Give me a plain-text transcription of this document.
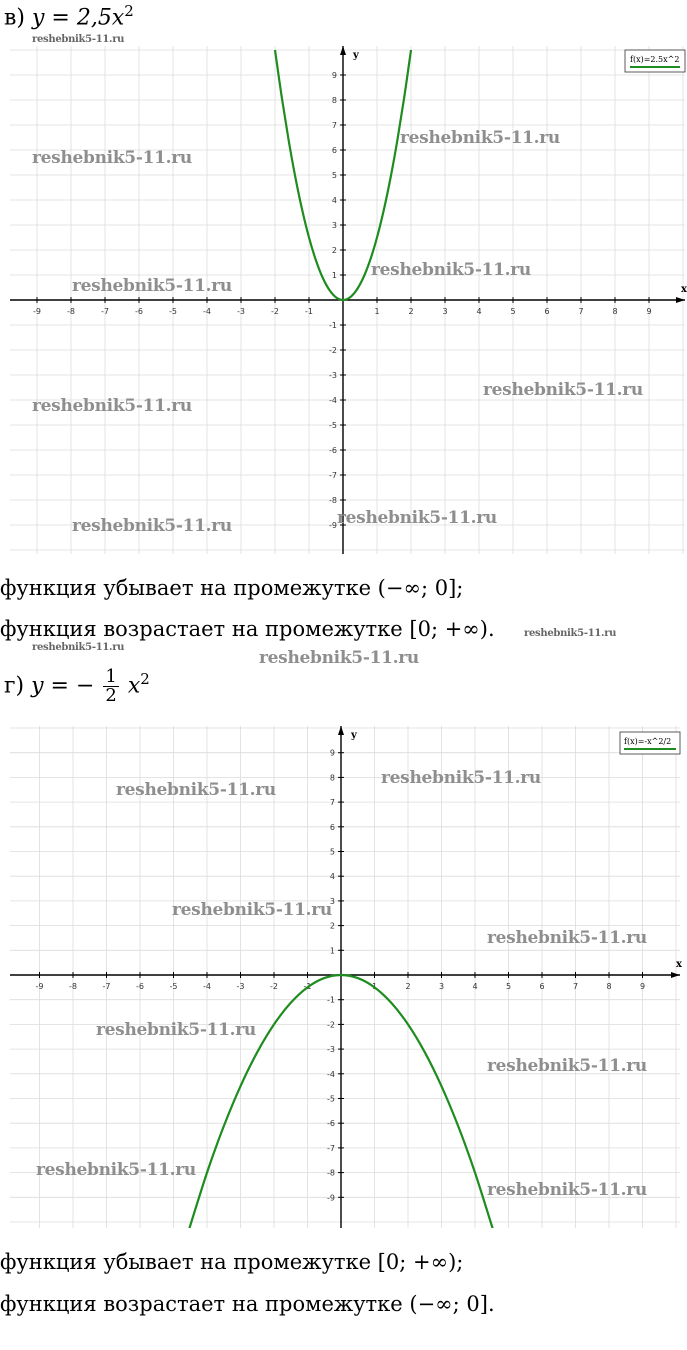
в) $y = 2,5x^2$
reshebnik5-11.ru
x
y
-9	-8	-7	-6	-5	-4	-3	-2	-1	1	2	3	4	5	6	7	8	9
-9
-8
-7
-6
-5
-4
-3
-2
-1
1
2
3
4
5
6
7
8
9
f(x)=2.5x^2
reshebnik5-11.ru
reshebnik5-11.ru
reshebnik5-11.ru
reshebnik5-11.ru
reshebnik5-11.ru
reshebnik5-11.ru
reshebnik5-11.ru
reshebnik5-11.ru
функция убывает на промежутке (−∞; 0];
функция возрастает на промежутке [0; +∞).	reshebnik5-11.ru
reshebnik5-11.ru
reshebnik5-11.ru
г) y = − $\frac{1}{2} x^2$
x
y
-9	-8	-7	-6	-5	-4	-3	-2	-1	1	2	3	4	5	6	7	8	9
-9
-8
-7
-6
-5
-4
-3
-2
-1
1
2
3
4
5
6
7
8
9
f(x)=-x^2/2
reshebnik5-11.ru
reshebnik5-11.ru
reshebnik5-11.ru
reshebnik5-11.ru
reshebnik5-11.ru
reshebnik5-11.ru
reshebnik5-11.ru
reshebnik5-11.ru
функция убывает на промежутке [0; +∞);
функция возрастает на промежутке (−∞; 0].
